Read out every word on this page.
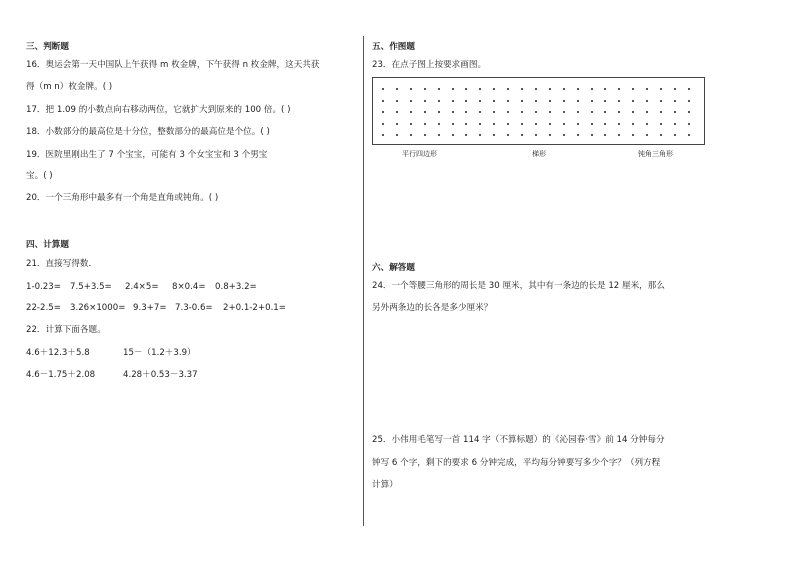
三、判断题
16．奥运会第一天中国队上午获得 m 枚金牌，下午获得 n 枚金牌，这天共获
得（m n）枚金牌。( )
17．把 1.09 的小数点向右移动两位，它就扩大到原来的 100 倍。( )
18．小数部分的最高位是十分位，整数部分的最高位是个位。( )
19．医院里刚出生了 7 个宝宝，可能有 3 个女宝宝和 3 个男宝
宝。( )
20．一个三角形中最多有一个角是直角或钝角。( )
四、计算题
21．直接写得数．
1-0.23= 7.5+3.5= 2.4×5= 8×0.4= 0.8+3.2=
22-2.5= 3.26×1000= 9.3+7= 7.3-0.6= 2+0.1-2+0.1=
22．计算下面各题。
4.6＋12.3＋5.8	15－（1.2＋3.9）
4.6－1.75＋2.08	4.28＋0.53－3.37
五、作图题
23．在点子图上按要求画图。
平行四边形	梯形	钝角三角形
六、解答题
24．一个等腰三角形的周长是 30 厘米，其中有一条边的长是 12 厘米，那么
另外两条边的长各是多少厘米？
25．小伟用毛笔写一首 114 字（不算标题）的《沁园春·雪》前 14 分钟每分
钟写 6 个字，剩下的要求 6 分钟完成，平均每分钟要写多少个字？（列方程
计算）
